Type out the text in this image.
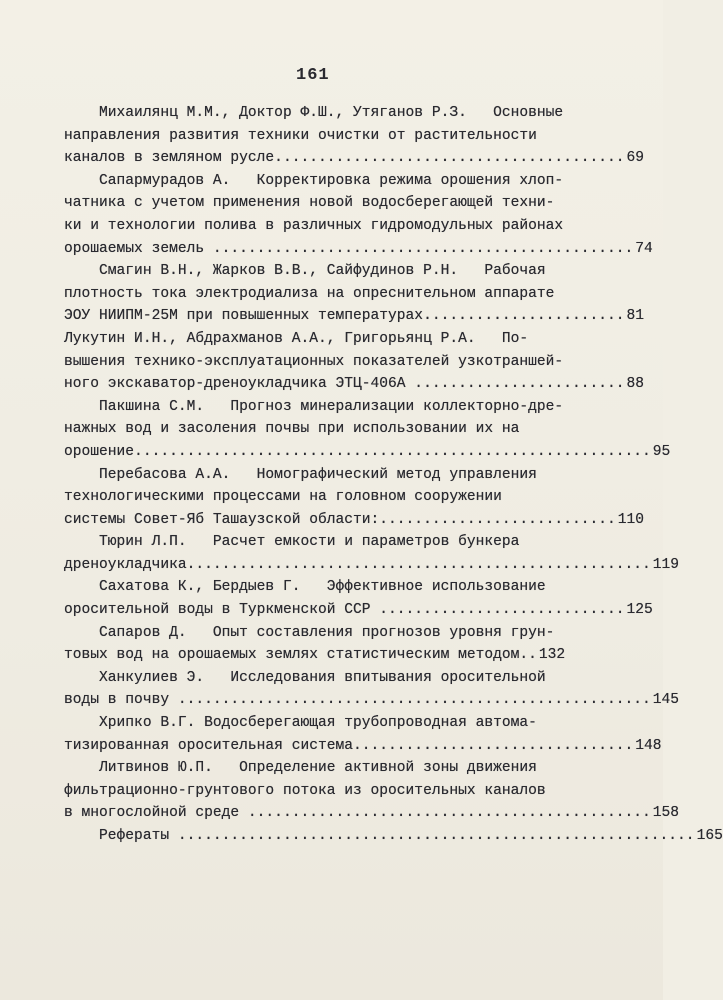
161
Михаилянц М.М., Доктор Ф.Ш., Утяганов Р.З.   Основные
направления развития техники очистки от растительности
каналов в земляном русле........................................ 69
Сапармурадов А.   Корректировка режима орошения хлоп-
чатника с учетом применения новой водосберегающей техни-
ки и технологии полива в различных гидромодульных районах
орошаемых земель ................................................ 74
Смагин В.Н., Жарков В.В., Сайфудинов Р.Н.   Рабочая
плотность тока электродиализа на опреснительном аппарате
ЭОУ НИИПМ-25М при повышенных температурах....................... 81
Лукутин И.Н., Абдрахманов А.А., Григорьянц Р.А.   По-
вышения технико-эксплуатационных показателей узкотраншей-
ного экскаватор-дреноукладчика ЭТЦ-406А ........................ 88
Пакшина С.М.   Прогноз минерализации коллекторно-дре-
нажных вод и засоления почвы при использовании их на
орошение........................................................... 95
Перебасова А.А.   Номографический метод управления
технологическими процессами на головном сооружении
системы Совет-Яб Ташаузской области:........................... 110
Тюрин Л.П.   Расчет емкости и параметров бункера
дреноукладчика..................................................... 119
Сахатова К., Бердыев Г.   Эффективное использование
оросительной воды в Туркменской ССР ............................ 125
Сапаров Д.   Опыт составления прогнозов уровня грун-
товых вод на орошаемых землях статистическим методом.. 132
Ханкулиев Э.   Исследования впитывания оросительной
воды в почву ...................................................... 145
Хрипко В.Г. Водосберегающая трубопроводная автома-
тизированная оросительная система................................ 148
Литвинов Ю.П.   Определение активной зоны движения
фильтрационно-грунтового потока из оросительных каналов
в многослойной среде .............................................. 158
Рефераты ........................................................... 165
